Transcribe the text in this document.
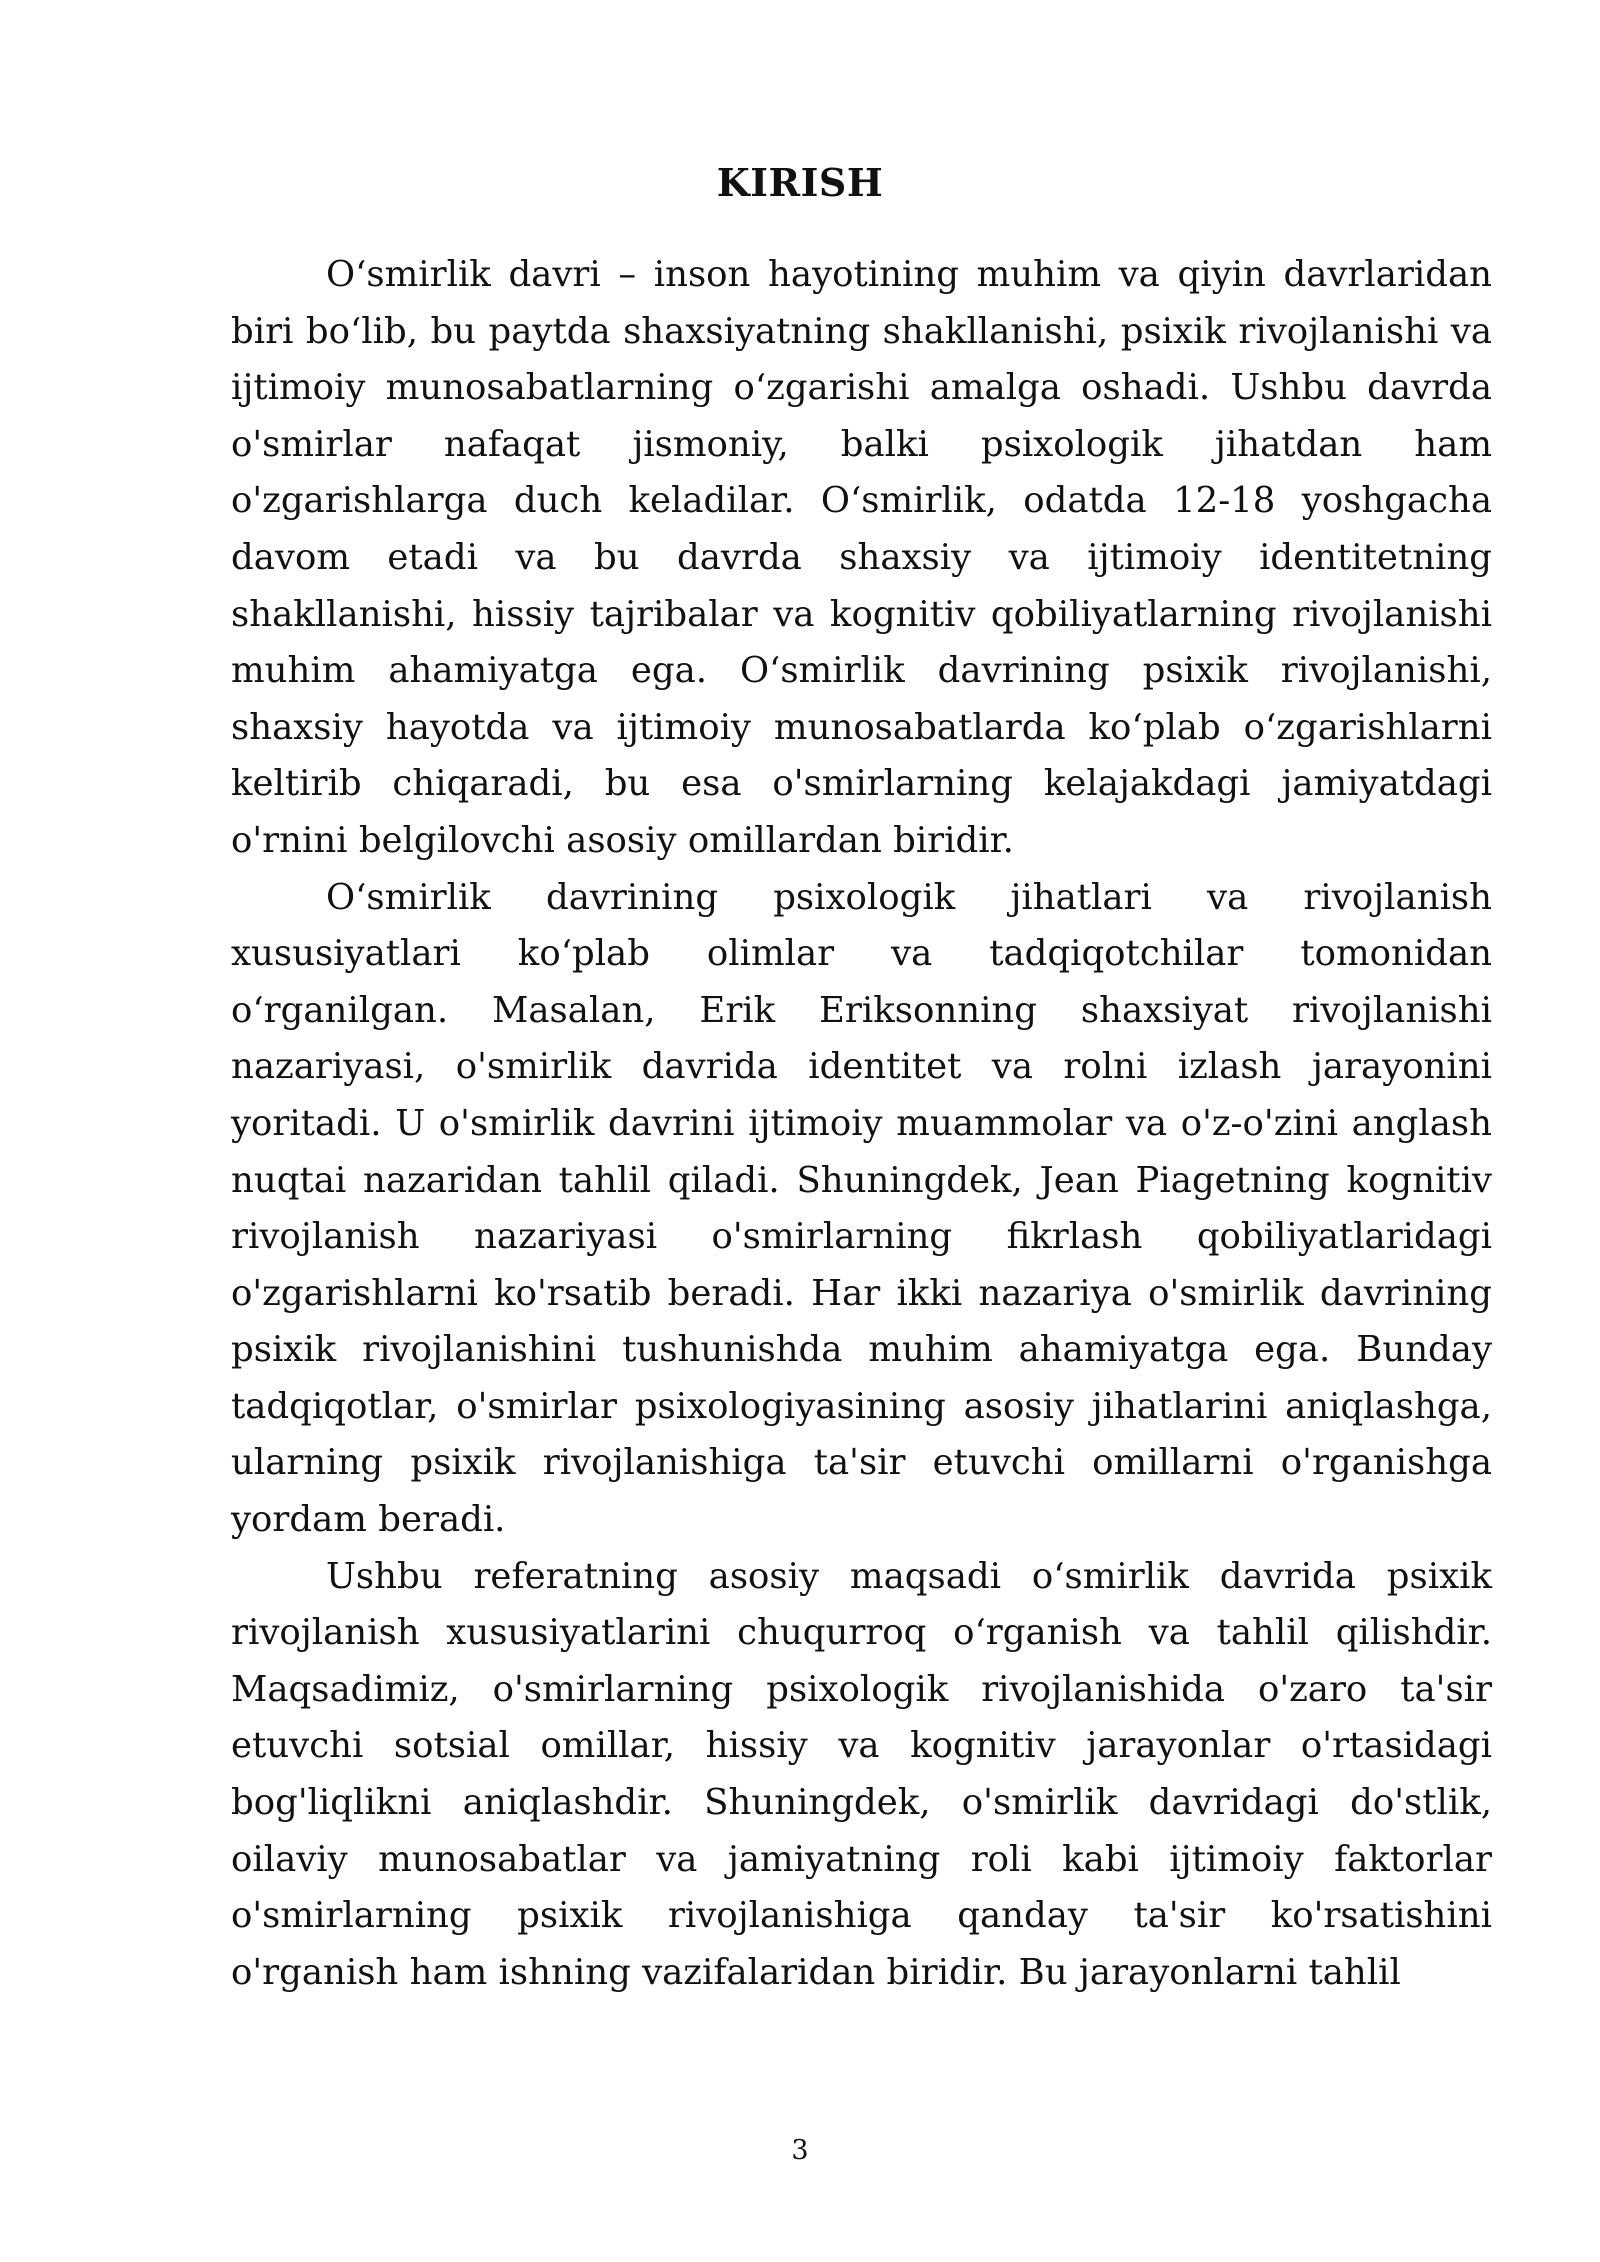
KIRISH

O‘smirlik davri – inson hayotining muhim va qiyin davrlaridan biri bo‘lib, bu paytda shaxsiyatning shakllanishi, psixik rivojlanishi va ijtimoiy munosabatlarning o‘zgarishi amalga oshadi. Ushbu davrda o'smirlar nafaqat jismoniy, balki psixologik jihatdan ham o'zgarishlarga duch keladilar. O‘smirlik, odatda 12-18 yoshgacha davom etadi va bu davrda shaxsiy va ijtimoiy identitetning shakllanishi, hissiy tajribalar va kognitiv qobiliyatlarning rivojlanishi muhim ahamiyatga ega. O‘smirlik davrining psixik rivojlanishi, shaxsiy hayotda va ijtimoiy munosabatlarda ko‘plab o‘zgarishlarni keltirib chiqaradi, bu esa o'smirlarning kelajakdagi jamiyatdagi o'rnini belgilovchi asosiy omillardan biridir.

O‘smirlik davrining psixologik jihatlari va rivojlanish xususiyatlari ko‘plab olimlar va tadqiqotchilar tomonidan o‘rganilgan. Masalan, Erik Eriksonning shaxsiyat rivojlanishi nazariyasi, o'smirlik davrida identitet va rolni izlash jarayonini yoritadi. U o'smirlik davrini ijtimoiy muammolar va o'z-o'zini anglash nuqtai nazaridan tahlil qiladi. Shuningdek, Jean Piagetning kognitiv rivojlanish nazariyasi o'smirlarning fikrlash qobiliyatlaridagi o'zgarishlarni ko'rsatib beradi. Har ikki nazariya o'smirlik davrining psixik rivojlanishini tushunishda muhim ahamiyatga ega. Bunday tadqiqotlar, o'smirlar psixologiyasining asosiy jihatlarini aniqlashga, ularning psixik rivojlanishiga ta'sir etuvchi omillarni o'rganishga yordam beradi.

Ushbu referatning asosiy maqsadi o‘smirlik davrida psixik rivojlanish xususiyatlarini chuqurroq o‘rganish va tahlil qilishdir. Maqsadimiz, o'smirlarning psixologik rivojlanishida o'zaro ta'sir etuvchi sotsial omillar, hissiy va kognitiv jarayonlar o'rtasidagi bog'liqlikni aniqlashdir. Shuningdek, o'smirlik davridagi do'stlik, oilaviy munosabatlar va jamiyatning roli kabi ijtimoiy faktorlar o'smirlarning psixik rivojlanishiga qanday ta'sir ko'rsatishini o'rganish ham ishning vazifalaridan biridir. Bu jarayonlarni tahlil

3
